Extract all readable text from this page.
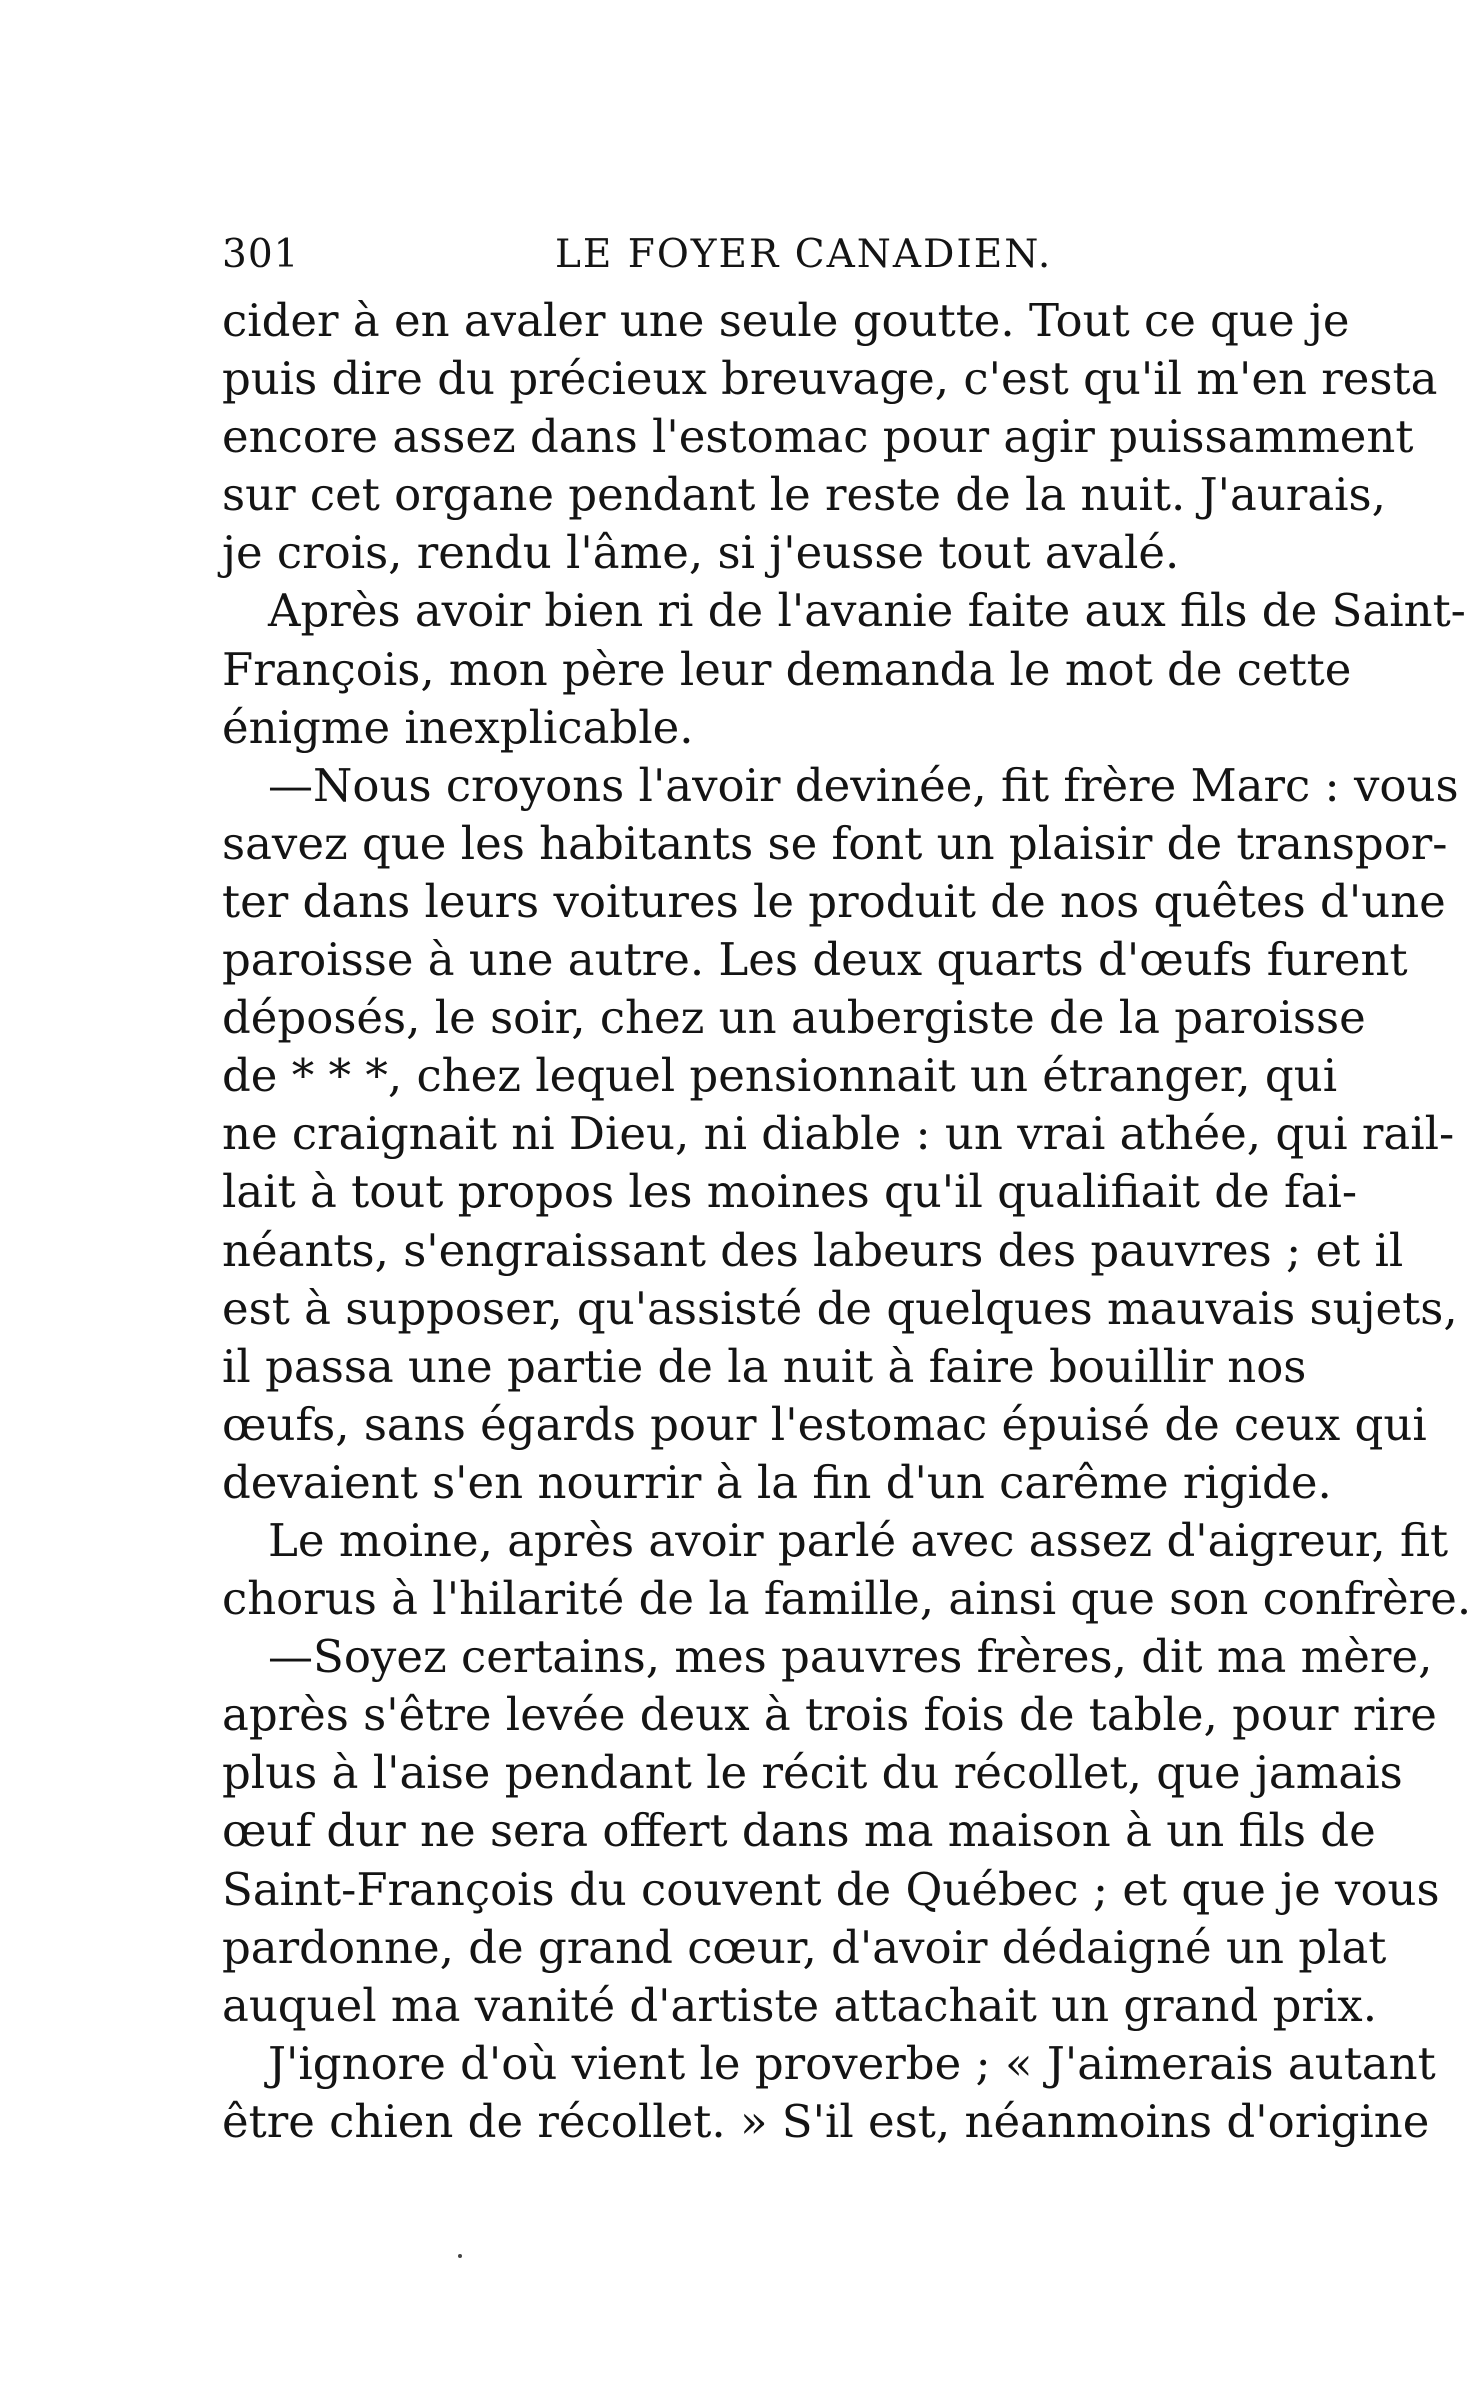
301	LE FOYER CANADIEN.
cider à en avaler une seule goutte. Tout ce que je
puis dire du précieux breuvage, c'est qu'il m'en resta
encore assez dans l'estomac pour agir puissamment
sur cet organe pendant le reste de la nuit. J'aurais,
je crois, rendu l'âme, si j'eusse tout avalé.
Après avoir bien ri de l'avanie faite aux fils de Saint-
François, mon père leur demanda le mot de cette
énigme inexplicable.
—Nous croyons l'avoir devinée, fit frère Marc : vous
savez que les habitants se font un plaisir de transpor-
ter dans leurs voitures le produit de nos quêtes d'une
paroisse à une autre. Les deux quarts d'œufs furent
déposés, le soir, chez un aubergiste de la paroisse
de * * *, chez lequel pensionnait un étranger, qui
ne craignait ni Dieu, ni diable : un vrai athée, qui rail-
lait à tout propos les moines qu'il qualifiait de fai-
néants, s'engraissant des labeurs des pauvres ; et il
est à supposer, qu'assisté de quelques mauvais sujets,
il passa une partie de la nuit à faire bouillir nos
œufs, sans égards pour l'estomac épuisé de ceux qui
devaient s'en nourrir à la fin d'un carême rigide.
Le moine, après avoir parlé avec assez d'aigreur, fit
chorus à l'hilarité de la famille, ainsi que son confrère.
—Soyez certains, mes pauvres frères, dit ma mère,
après s'être levée deux à trois fois de table, pour rire
plus à l'aise pendant le récit du récollet, que jamais
œuf dur ne sera offert dans ma maison à un fils de
Saint-François du couvent de Québec ; et que je vous
pardonne, de grand cœur, d'avoir dédaigné un plat
auquel ma vanité d'artiste attachait un grand prix.
J'ignore d'où vient le proverbe ; « J'aimerais autant
être chien de récollet. » S'il est, néanmoins d'origine
